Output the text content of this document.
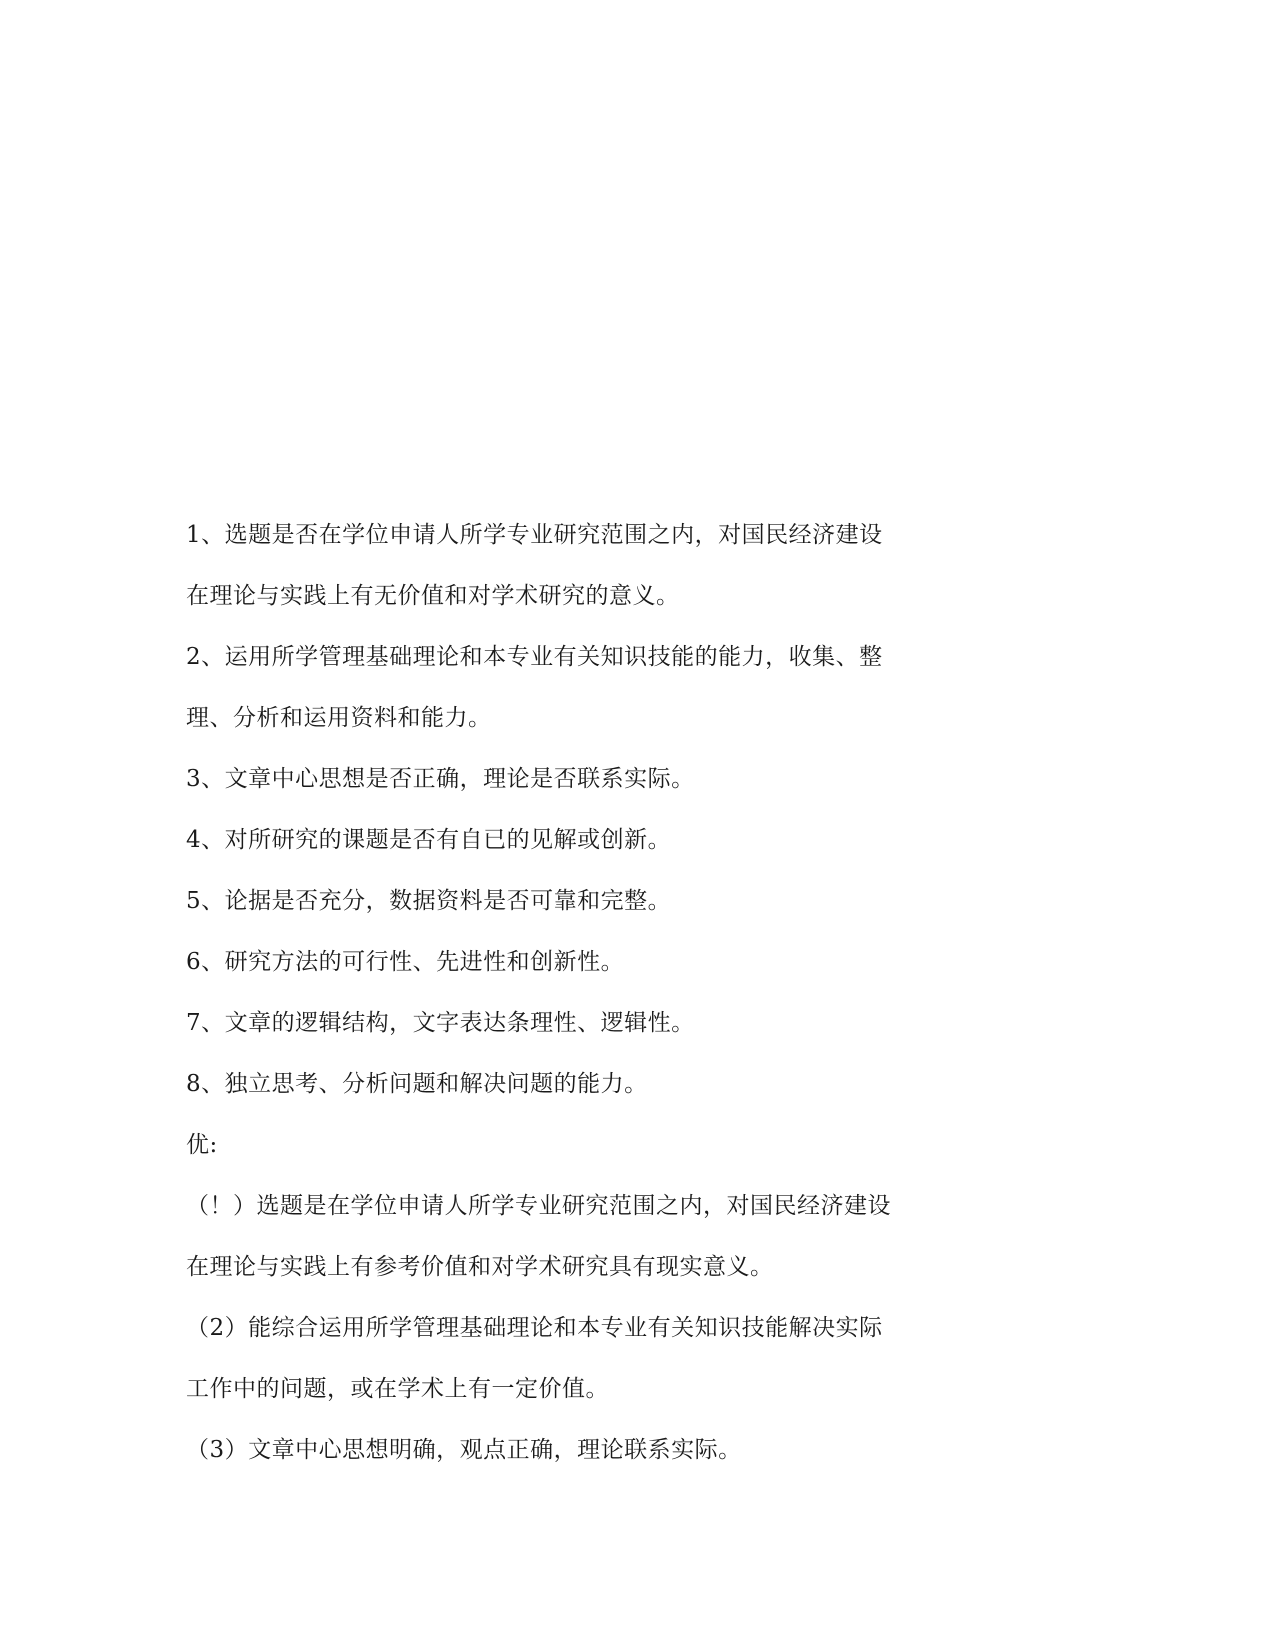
1、选题是否在学位申请人所学专业研究范围之内，对国民经济建设
在理论与实践上有无价值和对学术研究的意义。
2、运用所学管理基础理论和本专业有关知识技能的能力，收集、整
理、分析和运用资料和能力。
3、文章中心思想是否正确，理论是否联系实际。
4、对所研究的课题是否有自已的见解或创新。
5、论据是否充分，数据资料是否可靠和完整。
6、研究方法的可行性、先进性和创新性。
7、文章的逻辑结构，文字表达条理性、逻辑性。
8、独立思考、分析问题和解决问题的能力。
优:
（！）选题是在学位申请人所学专业研究范围之内，对国民经济建设
在理论与实践上有参考价值和对学术研究具有现实意义。
（2）能综合运用所学管理基础理论和本专业有关知识技能解决实际
工作中的问题，或在学术上有一定价值。
（3）文章中心思想明确，观点正确，理论联系实际。
